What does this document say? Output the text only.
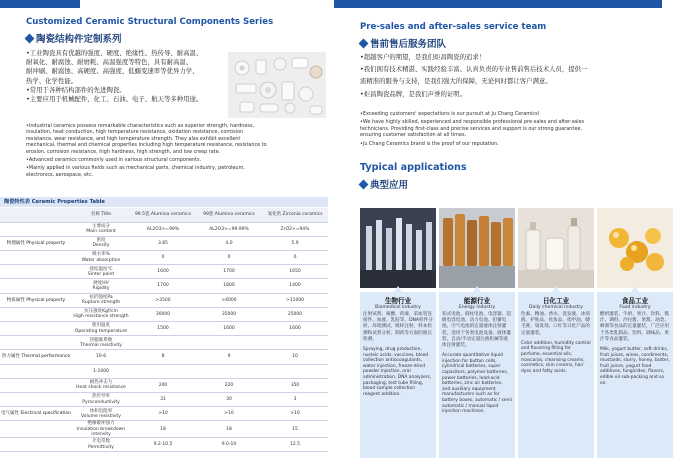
Customized Ceramic Structural Components Series
陶瓷结构件定制系列
•工业陶瓷具有优越的强度、硬度、绝缘性、热传导、耐高温、
耐氧化、耐腐蚀、耐磨耗、高温强度等特色，具有耐高温、
耐冲刷、耐腐蚀、高硬度、高强度、低蠕变速率等优异力学、
热学、化学性能。
•常用于各种结构部件的先进陶瓷。
•主要应用于机械配件、化工、石油、电子、航天等多种用途。
•Industrial ceramics possess remarkable characteristics such as superior strength, hardness,
insulation, heat conduction, high temperature resistance, oxidation resistance, corrosion
resistance, wear resistance, and high temperature strength. They also exhibit excellent
mechanical, thermal and chemical properties including high temperature resistance, resistance to
erosion, corrosion resistance, high hardness, high strength, and low creep rate.
•Advanced ceramics commonly used in various structural components.
•Mainly applied in various fields such as mechanical parts, chemical industry, petroleum,
electronics, aerospace, etc.
陶瓷特性表 Ceramic Properties Table
	名称 Title	99.5瓷 Alumina ceramics	99瓷 Alumina ceramics	氧化锆 Zirconia ceramics

	主要成分
Main content	AL2O3>=99%	AL2O3>=99.99%	ZrO2>=94%
物理属性 Physical property	密度
Density	3.85	4.0	5.9

	吸水率%
Water absorption	0	0	0

	烧结温度℃
Sinter point	1600	1700	1650

	硬度HV
Rigidity	1700	1800	1400
物质属性 Physical property	抗折强度Pa
Rupture strength	>3500	>4000	>11000

	抗压强度Kgf/cm
High resistance strength	30000	35000	25000

	使用温度
Operating temperature	1500	1600	1600

	热膨胀系数
Thermal resistivity			

热力属性 Thermal performance	10-6	8	9	10

	1-1000			

	耐热冲击力
Heat shock resistance	200	220	350

	热传导率
Pyroconductivity	31	30	3
电气属性 Electrical specification	体积电阻率
Volume resistivity	>10	>10	>10

	绝缘破坏强力
Insulation breakdown intensity	18	18	15

	介电常数
Permittivity	9.2-10.5	9.0-10	12.5
Pre-sales and after-sales service team
售前售后服务团队
•超越客户的期望，是我们炬昌陶瓷的追求！
•我们拥有技术精湛、实践经验丰富、认真负责的专业售前售后技术人员，提供一
流精准的服务与支持，是我们强大的保障，无论何时都让客户满意。
•炬昌陶瓷品牌，是我们声誉的证明。
•Exceeding customers' expectations is our pursuit at Ju Chang Ceramics!
•We have highly skilled, experienced and responsible professional pre-sales and after-sales
technicians. Providing first-class and precise services and support is our strong guarantee,
ensuring customer satisfaction at all times.
•Ju Chang Ceramics brand is the proof of our reputation.
Typical applications
典型应用
生物行业
Biomedical industry
注射试剂、核酸、药液、采血管连接件、血液、乳胶等、DNA样件分析、环境测试、吸样注射、样本检测和试剂分析、制药等方面的液压检测。
Spraying, drug production, nucleic acids, vaccines, blood collection antiocoagulants, water injection, freeze-dried powder injection, oral administration, DNA analyzers, packaging, test tube filling, blood sample collection reagent addition.
能源行业
Energy industry
扣式电池、圆柱电池、电容器、超级电容电池、动力电池、铅蓄电池、空气电池的定量液体注射灌装，适用于各类电池设备、液体灌装、自动/手动定量注液机械等液体注射灌装。
Accurate quantitative liquid injection for button cells, cylindrical batteries, super capacitors, polymer batteries, power batteries, lead-acid batteries, zinc air batteries, and auxiliary equipment manufacturers such as for battery boxes, automatic / semi automatic / manual liquid injection machines.
日化工业
Daily chemical industry
色素、精油、香水、洗发液、沐浴液、护肤品、化妆品、指甲油、睫毛膏、染发剂、口红等日化产品的定量灌装。
Color addition, humidity control and flavoring filling for perfume, essential oils, mascaras, cleansing creams, cosmetics, skin creams, hair dyes and fatty acids.
食品工业
Food industry
酸奶灌装、牛奶、果汁、饮料、酱汁、调料、沙拉酱、果酱、油类、蜂蜜等食品的定量灌装，广泛应用于各类乳制品、饮料、调味品、果汁等食品灌装。
Milk, yogurt butter, soft drinks, fruit juices, wines, condiments, mustards, slurry, honey, butter, fruit juices, yogurt food additives, fungicides, flavors, edible oil sub-packing and so on.
